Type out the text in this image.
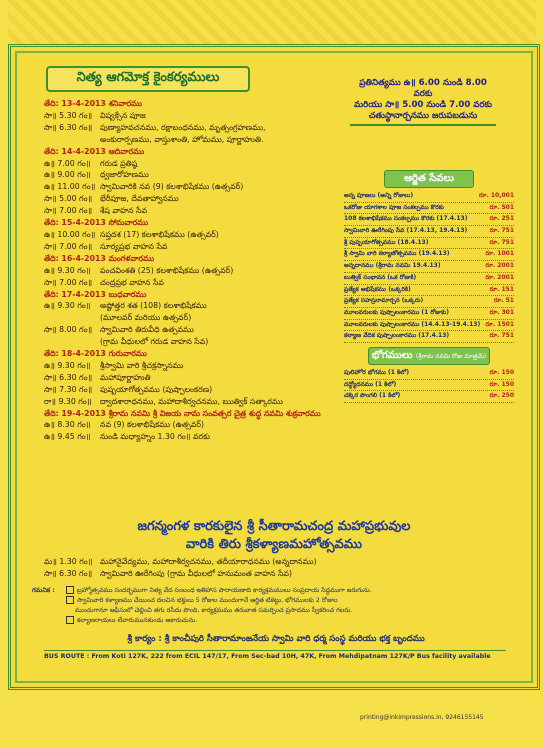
నిత్య ఆగమోక్త కైంకర్యములు	ప్రతినిత్యము ఉ॥ 6.00 నుండి 8.00 వరకు
మరియు సా॥ 5.00 నుండి 7.00 వరకు
చతుస్థానార్చనము జరుపబడును
తేది: 13-4-2013 శనివారము
సా॥ 5.30 గం॥ విష్వక్సేన పూజ
సా॥ 6.30 గం॥ పుణ్యాహవచనము, రక్షాబంధనము, మృత్సంగ్రహణము,
అంకురార్పణము, వాస్తుశాంతి, హోమము, పూర్ణాహుతి.
తేది: 14-4-2013 ఆదివారము
ఉ॥ 7.00 గం॥	గరుడ ప్రతిష్ఠ
ఉ॥ 9.00 గం॥	ధ్వజారోహణము
ఉ॥ 11.00 గం॥ స్వామివారికి నవ (9) కలశాభిషేకము (ఉత్సవర్)
సా॥ 5.00 గం॥ భేరీపూజ, దేవతాహ్వానము
సా॥ 7.00 గం॥ శేష వాహన సేవ
తేది: 15-4-2013 సోమవారము
ఉ॥ 10.00 గం॥ సప్తదశ (17) కలశాభిషేకము (ఉత్సవర్)
సా॥ 7.00 గం॥ సూర్యప్రభ వాహన సేవ
తేది: 16-4-2013 మంగళవారము
ఉ॥ 9.30 గం॥	పంచవింశతి (25) కలశాభిషేకము (ఉత్సవర్)
సా॥ 7.00 గం॥ చంద్రప్రభ వాహన సేవ
తేది: 17-4-2013 బుధవారము
ఉ॥ 9.30 గం॥	అష్టోత్తర శత (108) కలశాభిషేకము
(మూలవర్ మరియు ఉత్సవర్)
సా॥ 8.00 గం॥ స్వామివారి తిరువీధి ఉత్సవము
(గ్రామ వీధులలో గరుడ వాహన సేవ)
తేది: 18-4-2013 గురువారము
ఉ॥ 9.30 గం॥	శ్రీస్వామి వారి శ్రీచక్రస్నానము
సా॥ 6.30 గం॥ మహాపూర్ణాహుతి
సా॥ 7.30 గం॥ పుష్పయాగోత్సవము (పుష్పాలంకరణ)
రా॥ 9.30 గం॥	ద్వాదశారాధనము, మహాదాశీర్వచనము, ఋత్విక్ సత్కారము
తేది: 19-4-2013 శ్రీరామ నవమి శ్రీ విజయ నామ సంవత్సర చైత్ర శుద్ధ నవమి శుక్రవారము
ఉ॥ 8.30 గం॥	నవ (9) కలశాభిషేకము (ఉత్సవర్)
ఉ॥ 9.45 గం॥	నుండి మధ్యాహ్నం 1.30 గం॥ వరకు
ఆర్జిత సేవలు
అన్న పూజలు (అన్ని రోజులు)	రూ. 10,001
ఒకరోజు యాగశాల పూజ సంకల్పము కొరకు	రూ. 501
108 కలశాభిషేకము సంకల్పము కొరకు (17.4.13)	రూ. 251
స్వామివారి ఊరేగింపు సేవ (17.4.13, 19.4.13)	రూ. 751
శ్రీ పుష్పయాగోత్సవము (18.4.13)	రూ. 751
శ్రీ స్వామి వారి కల్యాణోత్సవము (19.4.13)	రూ. 1001
అన్నదానము (శ్రీరామ నవమి 19.4.13)	రూ. 2001
బుత్విక్ సంభావన (ఒక రోజుకి)	రూ. 2001
ప్రత్యేక ఆభిషేకము (ఒక్కరికి)	రూ. 151
ప్రత్యేక సహస్రనామార్చన (ఒక్కరు)	రూ. 51
మూలవరులకు పుష్పాలంకారము (1 రోజుకు)	రూ. 301
మూలవరులకు పుష్పాలంకారము (14.4.13-19.4.13) రూ. 1501
కల్యాణ వేదిక పుష్పాలంకారము (17.4.13)	రూ. 751
భోగములు (శ్రీరామ నవమి రోజు మాత్రమే)
పులిహోర భోగము (1 కిలో)	రూ. 150
దద్ధ్యోదనము (1 కిలో)	రూ. 150
చక్కెర పొంగలి (1 కిలో)	రూ. 250
జగన్మంగళ కారకులైన శ్రీ సీతారామచంద్ర మహాప్రభువుల
వారికి తిరు శ్రీకళ్యాణమహోత్సవము
మ॥ 1.30 గం॥ మహానైవేద్యము, మహాదాశీర్వచనము, తదీయారాధనము (అన్నదానము)
సా॥ 6.30 గం॥ స్వామివారి ఊరేగింపు (గ్రామ వీధులలో హనుమంత వాహన సేవ)
గమనిక :	బ్రహ్మోత్సవము సందర్భముగా నిత్య వేద సంబంధ ఇతిహాస పారాయణాది కార్యక్రమములు సంప్రదాయ సిద్ధముగా జరుగును.
స్వామివారి కళ్యాణము చేయించ దలచిన భక్తులు 5 రోజుల ముందుగానే ఆర్జిత టికెట్టు, భోగములకు 2 రోజుల
ముందుగానూ ఆఫీసులో చెల్లించి తగు రసీదు పొంది, కార్యక్రమము తరువాత సమర్పించ ప్రసాదము స్వీకరించ గలరు.
కల్యాణరాయలు లేవారుమునకుండు ఆకారుచును.
శ్రీ కార్యం : శ్రీ కాంచీపురి సీతారామాంజనేయ స్వామి వారి ధర్మ సంస్థ మరియు భక్త బృందము
BUS ROUTE : From Koti 127K, 222 from ECIL 147/17, From Sec-bad 10H, 47K, From Mehdipatnam 127K/P Bus facility available
printing@inkimpressions.in, 9246155145
